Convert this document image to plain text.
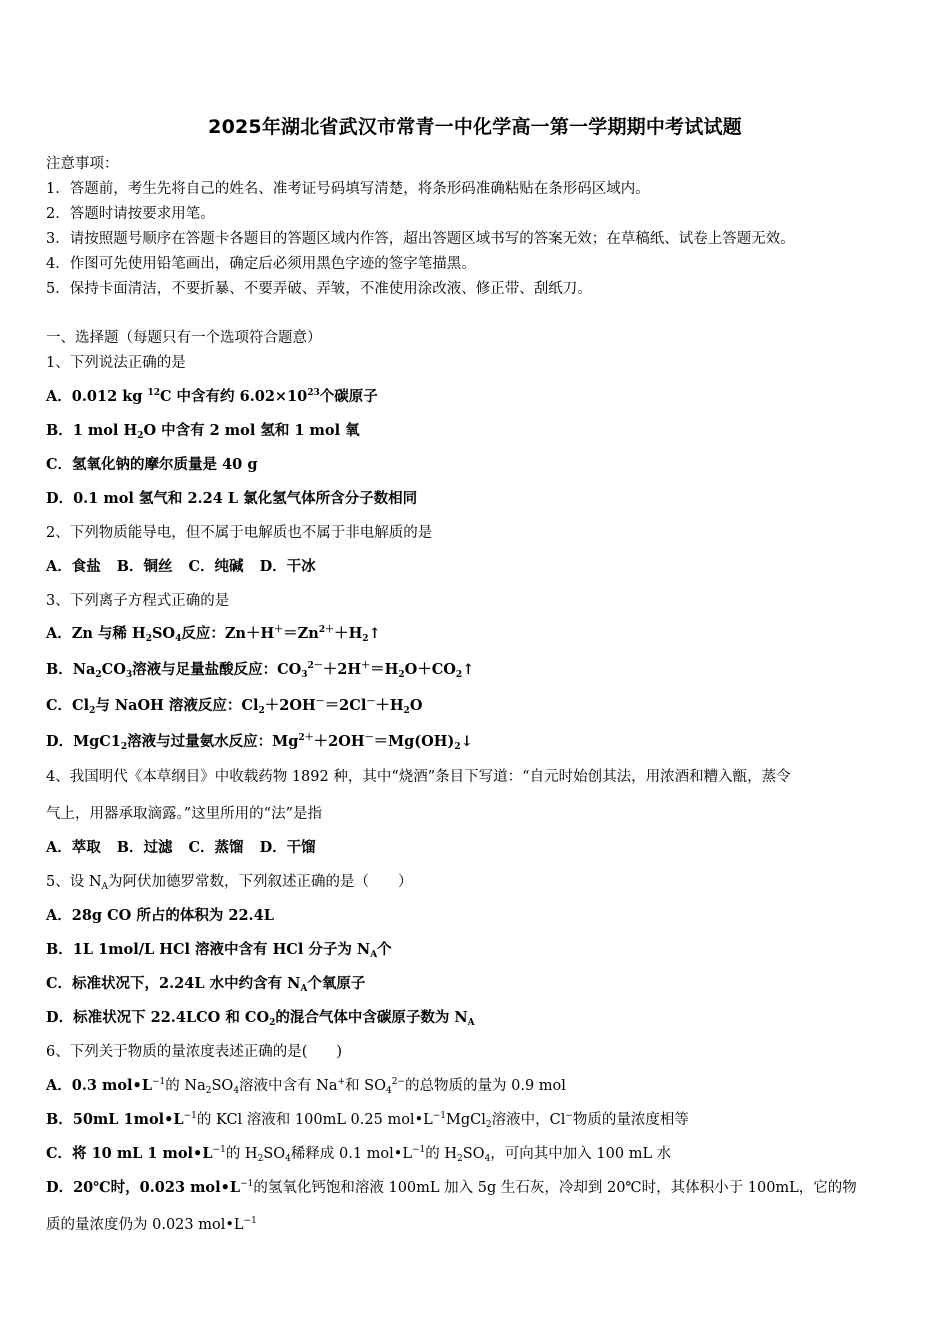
2025年湖北省武汉市常青一中化学高一第一学期期中考试试题
注意事项：
1．答题前，考生先将自己的姓名、准考证号码填写清楚，将条形码准确粘贴在条形码区域内。
2．答题时请按要求用笔。
3．请按照题号顺序在答题卡各题目的答题区域内作答，超出答题区域书写的答案无效；在草稿纸、试卷上答题无效。
4．作图可先使用铅笔画出，确定后必须用黑色字迹的签字笔描黑。
5．保持卡面清洁，不要折暴、不要弄破、弄皱，不准使用涂改液、修正带、刮纸刀。
一、选择题（每题只有一个选项符合题意）
1、下列说法正确的是
A．0.012 kg $^{12}$C 中含有约 $6.02\times 10^{23}$个碳原子
B．1 mol $H_2O$ 中含有 2 mol 氢和 1 mol 氧
C．氢氧化钠的摩尔质量是 40 g
D．0.1 mol 氢气和 2.24 L 氯化氢气体所含分子数相同
2、下列物质能导电，但不属于电解质也不属于非电解质的是
A．食盐 B．铜丝 C．纯碱 D．干冰
3、下列离子方程式正确的是
A．Zn 与稀 $H_2SO_4$反应：$Zn+H^+=Zn^{2+}+H_2↑$
B．$Na_2CO_3$溶液与足量盐酸反应：$CO_3^{2-}+2H^+=H_2O+CO_2↑$
C．$Cl_2$与 NaOH 溶液反应：$Cl_2+2OH^-=2Cl^-+H_2O$
D．$MgC1_2$溶液与过量氨水反应：$Mg^{2+}+2OH^-=Mg(OH)_2↓$
4、我国明代《本草纲目》中收载药物 1892 种，其中“烧酒”条目下写道：“自元时始创其法，用浓酒和糟入甑，蒸令
气上，用器承取滴露。”这里所用的“法”是指
A．萃取 B．过滤 C．蒸馏 D．干馏
5、设 $N_A$为阿伏加德罗常数，下列叙述正确的是（　　）
A．28g CO 所占的体积为 22.4L
B．1L 1mol/L HCl 溶液中含有 HCl 分子为 $N_A$个
C．标准状况下，2.24L 水中约含有 $N_A$个氧原子
D．标准状况下 22.4LCO 和 $CO_2$的混合气体中含碳原子数为 $N_A$
6、下列关于物质的量浓度表述正确的是(　　)
A．0.3 $mol•L^{-1}$的 $Na_2SO_4$溶液中含有 Na+和 $SO_4^{2-}$的总物质的量为 0.9 mol
B．50mL $1mol•L^{-1}$的 KCl 溶液和 100mL 0.25 $mol•L^{-1}MgCl_2$溶液中，Cl−物质的量浓度相等
C．将 10 mL 1 $mol•L^{-1}$的 $H_2SO_4$稀释成 0.1 $mol•L^{-1}$的 $H_2SO_4$，可向其中加入 100 mL 水
D．20℃时，0.023 $mol•L^{-1}$的氢氧化钙饱和溶液 100mL 加入 5g 生石灰，冷却到 20℃时，其体积小于 100mL，它的物
质的量浓度仍为 0.023 $mol•L^{-1}$
